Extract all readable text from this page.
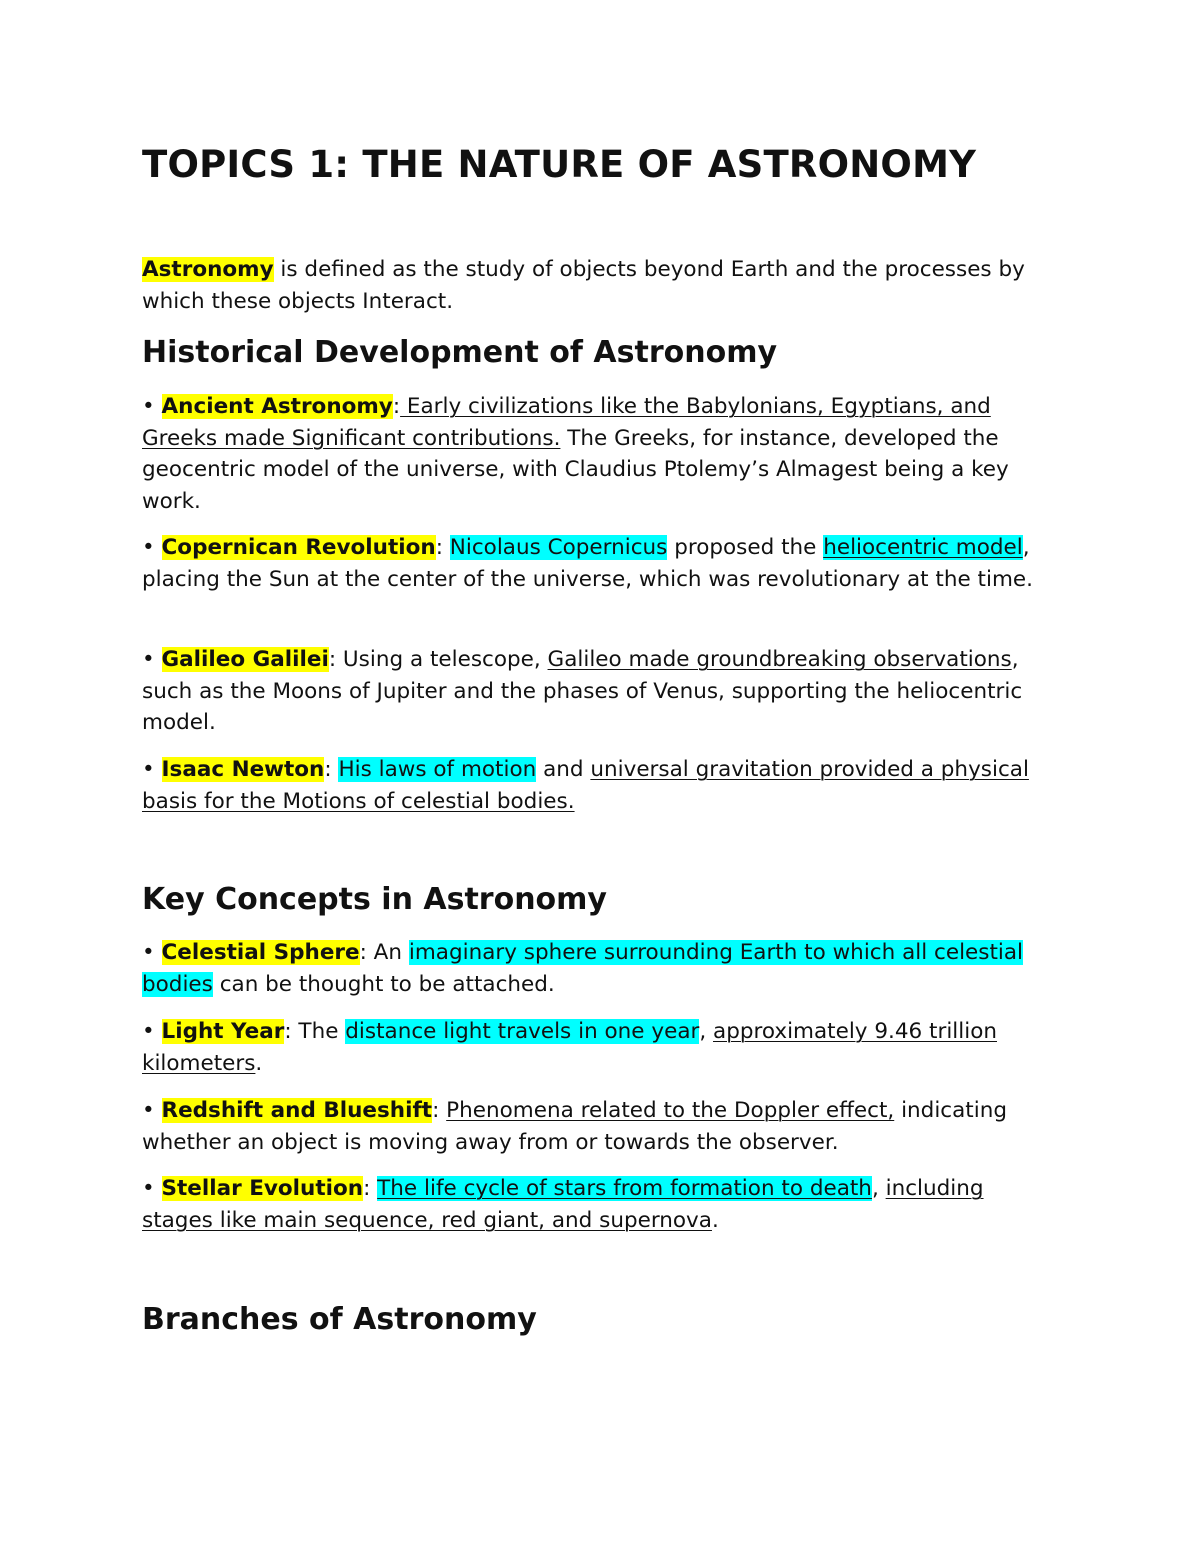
TOPICS 1: THE NATURE OF ASTRONOMY

Astronomy is defined as the study of objects beyond Earth and the processes by which these objects Interact.

Historical Development of Astronomy

• Ancient Astronomy: Early civilizations like the Babylonians, Egyptians, and Greeks made Significant contributions. The Greeks, for instance, developed the geocentric model of the universe, with Claudius Ptolemy’s Almagest being a key work.

• Copernican Revolution: Nicolaus Copernicus proposed the heliocentric model, placing the Sun at the center of the universe, which was revolutionary at the time.

• Galileo Galilei: Using a telescope, Galileo made groundbreaking observations, such as the Moons of Jupiter and the phases of Venus, supporting the heliocentric model.

• Isaac Newton: His laws of motion and universal gravitation provided a physical basis for the Motions of celestial bodies.

Key Concepts in Astronomy

• Celestial Sphere: An imaginary sphere surrounding Earth to which all celestial bodies can be thought to be attached.

• Light Year: The distance light travels in one year, approximately 9.46 trillion kilometers.

• Redshift and Blueshift: Phenomena related to the Doppler effect, indicating whether an object is moving away from or towards the observer.

• Stellar Evolution: The life cycle of stars from formation to death, including stages like main sequence, red giant, and supernova.

Branches of Astronomy
